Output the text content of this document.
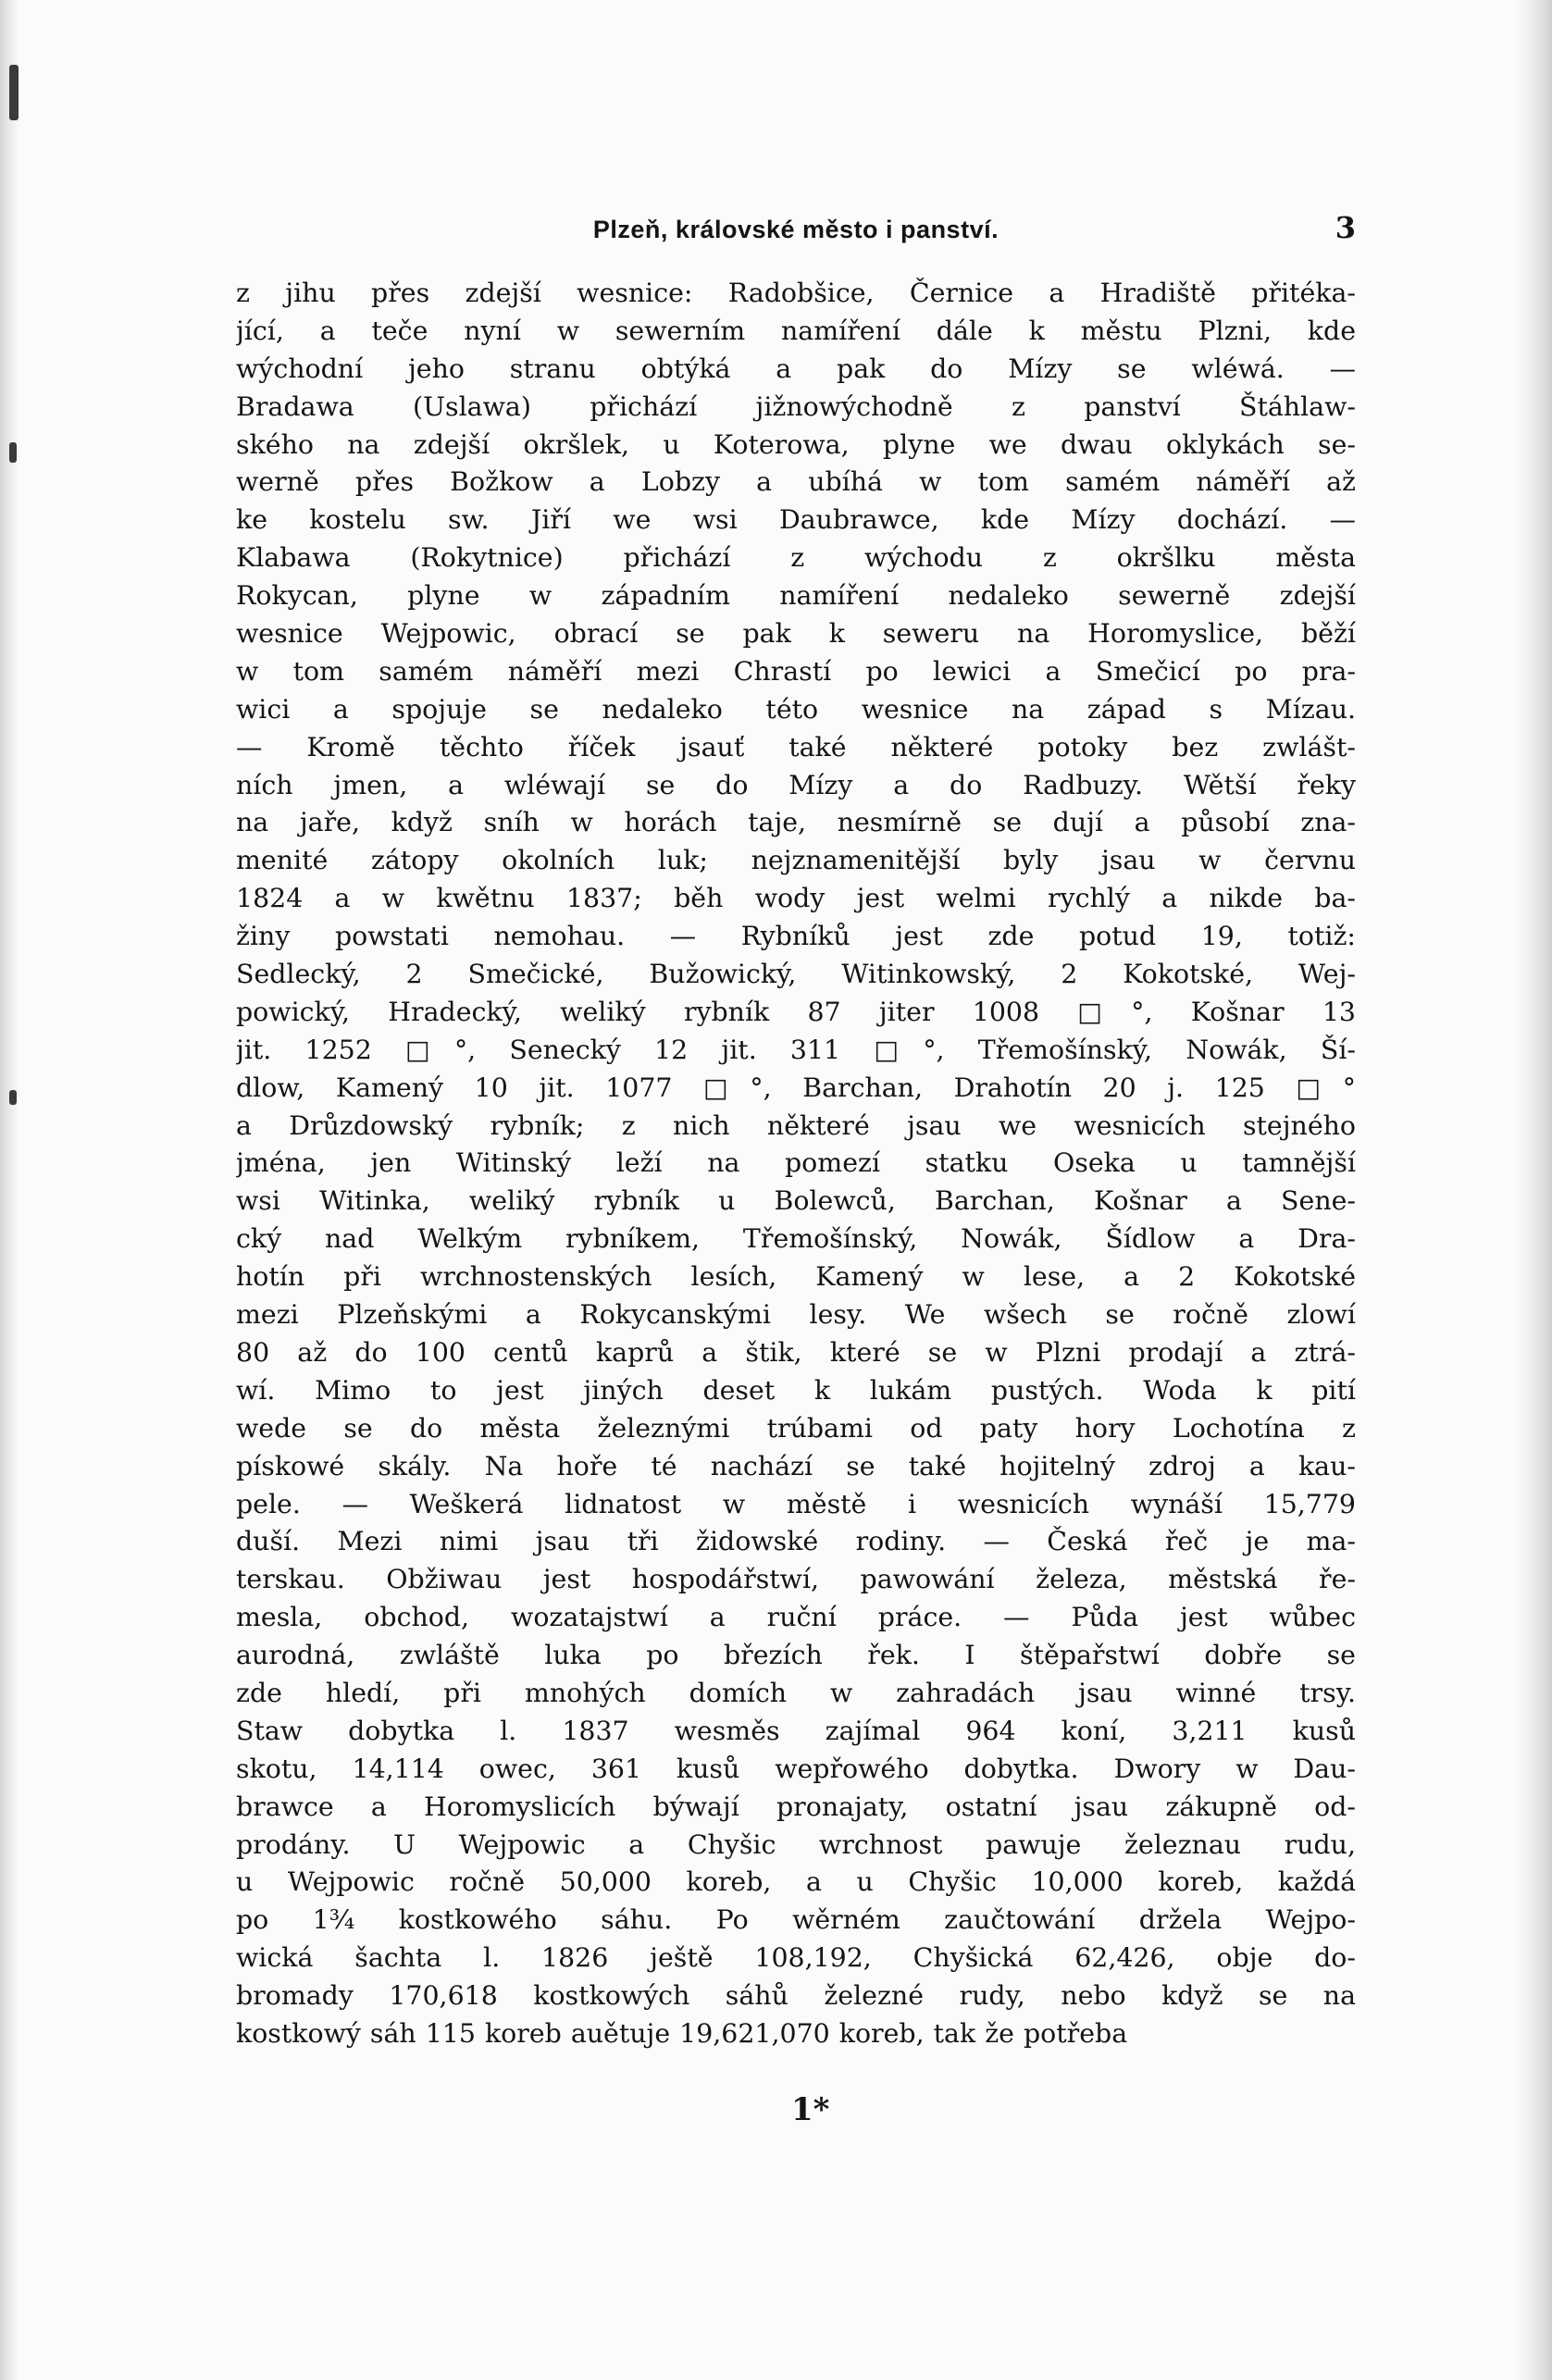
Plzeň, královské město i panství.	3
z jihu přes zdejší wesnice: Radobšice, Černice a Hradiště přitéka-
jící, a teče nyní w sewerním namíření dále k městu Plzni, kde
wýchodní jeho stranu obtýká a pak do Mízy se wléwá. —
Bradawa (Uslawa) přichází jižnowýchodně z panství Štáhlaw-
ského na zdejší okršlek, u Koterowa, plyne we dwau oklykách se-
werně přes Božkow a Lobzy a ubíhá w tom samém náměří až
ke kostelu sw. Jiří we wsi Daubrawce, kde Mízy dochází. —
Klabawa (Rokytnice) přichází z wýchodu z okršlku města
Rokycan, plyne w západním namíření nedaleko sewerně zdejší
wesnice Wejpowic, obrací se pak k seweru na Horomyslice, běží
w tom samém náměří mezi Chrastí po lewici a Smečicí po pra-
wici a spojuje se nedaleko této wesnice na západ s Mízau.
— Kromě těchto říček jsauť také některé potoky bez zwlášt-
ních jmen, a wléwají se do Mízy a do Radbuzy. Wětší řeky
na jaře, když sníh w horách taje, nesmírně se dují a působí zna-
menité zátopy okolních luk; nejznamenitější byly jsau w červnu
1824 a w kwětnu 1837; běh wody jest welmi rychlý a nikde ba-
žiny powstati nemohau. — Rybníků jest zde potud 19, totiž:
Sedlecký, 2 Smečické, Bužowický, Witinkowský, 2 Kokotské, Wej-
powický, Hradecký, weliký rybník 87 jiter 1008 □°, Košnar 13
jit. 1252 □°, Senecký 12 jit. 311 □°, Třemošínský, Nowák, Ší-
dlow, Kamený 10 jit. 1077 □°, Barchan, Drahotín 20 j. 125 □°
a Drůzdowský rybník; z nich některé jsau we wesnicích stejného
jména, jen Witinský leží na pomezí statku Oseka u tamnější
wsi Witinka, weliký rybník u Bolewců, Barchan, Košnar a Sene-
cký nad Welkým rybníkem, Třemošínský, Nowák, Šídlow a Dra-
hotín při wrchnostenských lesích, Kamený w lese, a 2 Kokotské
mezi Plzeňskými a Rokycanskými lesy. We wšech se ročně zlowí
80 až do 100 centů kaprů a štik, které se w Plzni prodají a ztrá-
wí. Mimo to jest jiných deset k lukám pustých. Woda k pití
wede se do města železnými trúbami od paty hory Lochotína z
pískowé skály. Na hoře té nachází se také hojitelný zdroj a kau-
pele. — Weškerá lidnatost w městě i wesnicích wynáší 15,779
duší. Mezi nimi jsau tři židowské rodiny. — Česká řeč je ma-
terskau. Obžiwau jest hospodářstwí, pawowání železa, městská ře-
mesla, obchod, wozatajstwí a ruční práce. — Půda jest wůbec
aurodná, zwláště luka po březích řek. I štěpařstwí dobře se
zde hledí, při mnohých domích w zahradách jsau winné trsy.
Staw dobytka l. 1837 wesměs zajímal 964 koní, 3,211 kusů
skotu, 14,114 owec, 361 kusů wepřowého dobytka. Dwory w Dau-
brawce a Horomyslicích býwají pronajaty, ostatní jsau zákupně od-
prodány. U Wejpowic a Chyšic wrchnost pawuje železnau rudu,
u Wejpowic ročně 50,000 koreb, a u Chyšic 10,000 koreb, každá
po 1¾ kostkowého sáhu. Po wěrném zaučtowání držela Wejpo-
wická šachta l. 1826 ještě 108,192, Chyšická 62,426, obje do-
bromady 170,618 kostkowých sáhů železné rudy, nebo když se na
kostkowý sáh 115 koreb auětuje 19,621,070 koreb, tak že potřeba
1*
